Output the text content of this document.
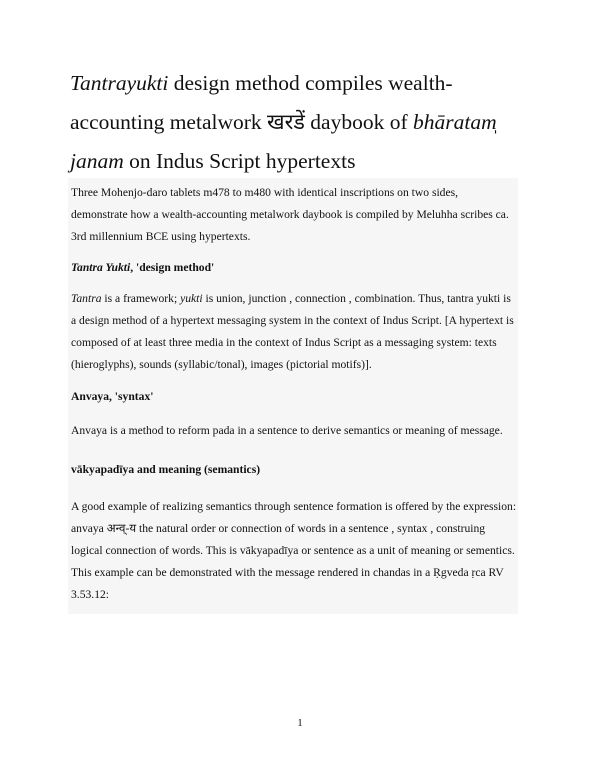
Tantrayukti design method compiles wealth-accounting metalwork खरडें daybook of bhāratam̩ janam on Indus Script hypertexts

Three Mohenjo-daro tablets m478 to m480 with identical inscriptions on two sides, demonstrate how a wealth-accounting metalwork daybook is compiled by Meluhha scribes ca. 3rd millennium BCE using hypertexts.

Tantra Yukti, 'design method'

Tantra is a framework; yukti is union, junction , connection , combination. Thus, tantra yukti is a design method of a hypertext messaging system in the context of Indus Script. [A hypertext is composed of at least three media in the context of Indus Script as a messaging system: texts (hieroglyphs), sounds (syllabic/tonal), images (pictorial motifs)].

Anvaya, 'syntax'

Anvaya is a method to reform pada in a sentence to derive semantics or meaning of message.

vākyapadīya and meaning (semantics)

A good example of realizing semantics through sentence formation is offered by the expression: anvaya अन्व्-य the natural order or connection of words in a sentence , syntax , construing logical connection of words. This is vākyapadīya or sentence as a unit of meaning or sementics. This example can be demonstrated with the message rendered in chandas in a Ṛgveda ṛca RV 3.53.12:

1
